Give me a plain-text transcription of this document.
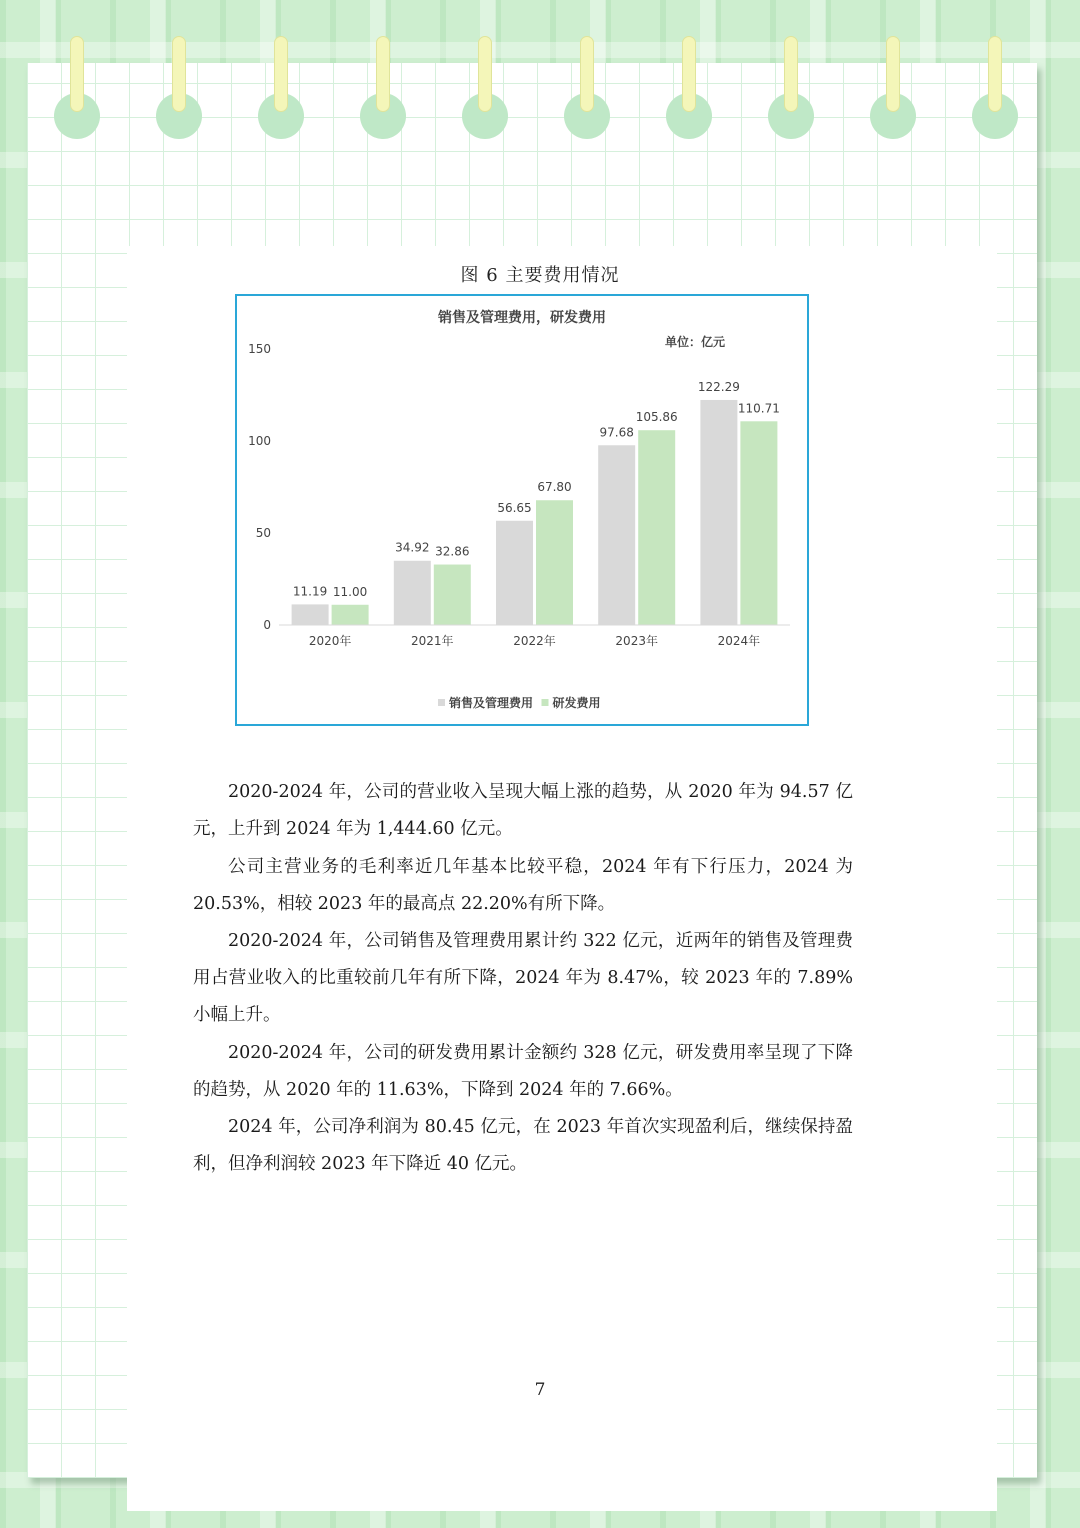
图 6 主要费用情况
销售及管理费用，研发费用
单位：亿元
0
50
100
150
11.19 11.00
34.92 32.86
56.65
67.80
97.68
105.86
122.29
110.71
2020年	2021年	2022年	2023年	2024年
销售及管理费用 研发费用

2020-2024 年，公司的营业收入呈现大幅上涨的趋势，从 2020 年为 94.57 亿元，上升到 2024 年为 1,444.60 亿元。

公司主营业务的毛利率近几年基本比较平稳，2024 年有下行压力，2024 为 20.53%，相较 2023 年的最高点 22.20%有所下降。

2020-2024 年，公司销售及管理费用累计约 322 亿元，近两年的销售及管理费用占营业收入的比重较前几年有所下降，2024 年为 8.47%，较 2023 年的 7.89%小幅上升。

2020-2024 年，公司的研发费用累计金额约 328 亿元，研发费用率呈现了下降的趋势，从 2020 年的 11.63%，下降到 2024 年的 7.66%。

2024 年，公司净利润为 80.45 亿元，在 2023 年首次实现盈利后，继续保持盈利，但净利润较 2023 年下降近 40 亿元。

7
